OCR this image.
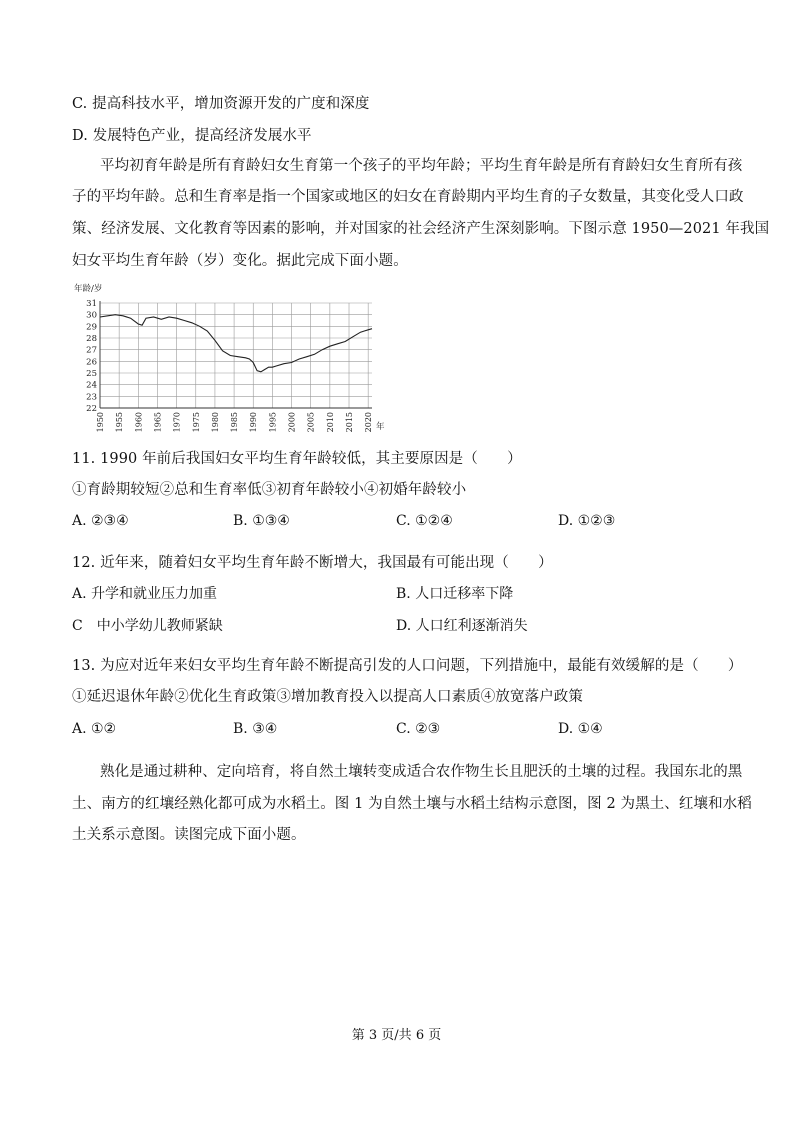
C. 提高科技水平，增加资源开发的广度和深度
D. 发展特色产业，提高经济发展水平
平均初育年龄是所有育龄妇女生育第一个孩子的平均年龄；平均生育年龄是所有育龄妇女生育所有孩
子的平均年龄。总和生育率是指一个国家或地区的妇女在育龄期内平均生育的子女数量，其变化受人口政
策、经济发展、文化教育等因素的影响，并对国家的社会经济产生深刻影响。下图示意 1950—2021 年我国
妇女平均生育年龄（岁）变化。据此完成下面小题。
22
23
24
25
26
27
28
29
30
31
1950 1955 1960 1965 1970 1975 1980 1985 1990 1995 2000 2005 2010 2015 2020
年龄/岁
年
11. 1990 年前后我国妇女平均生育年龄较低，其主要原因是（　　）
①育龄期较短②总和生育率低③初育年龄较小④初婚年龄较小
A. ②③④	B. ①③④	C. ①②④	D. ①②③
12. 近年来，随着妇女平均生育年龄不断增大，我国最有可能出现（　　）
A. 升学和就业压力加重	B. 人口迁移率下降
C　中小学幼儿教师紧缺	D. 人口红利逐渐消失
13. 为应对近年来妇女平均生育年龄不断提高引发的人口问题，下列措施中，最能有效缓解的是（　　）
①延迟退休年龄②优化生育政策③增加教育投入以提高人口素质④放宽落户政策
A. ①②	B. ③④	C. ②③	D. ①④
熟化是通过耕种、定向培育，将自然土壤转变成适合农作物生长且肥沃的土壤的过程。我国东北的黑
土、南方的红壤经熟化都可成为水稻土。图 1 为自然土壤与水稻土结构示意图，图 2 为黑土、红壤和水稻
土关系示意图。读图完成下面小题。
第 3 页/共 6 页
